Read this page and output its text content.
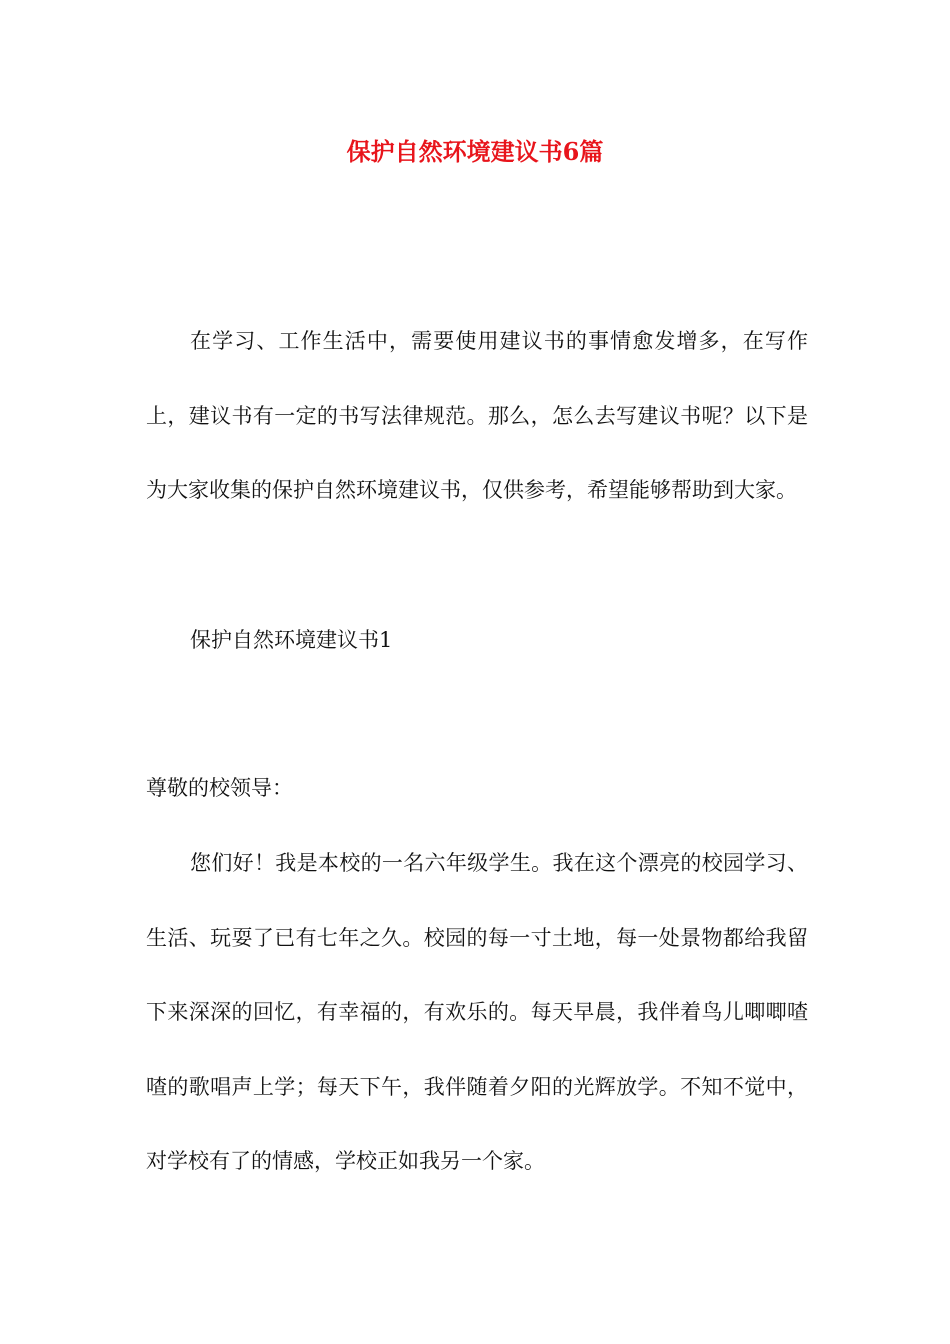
保护自然环境建议书6篇

在学习、工作生活中，需要使用建议书的事情愈发增多，在写作上，建议书有一定的书写法律规范。那么，怎么去写建议书呢？以下是为大家收集的保护自然环境建议书，仅供参考，希望能够帮助到大家。

保护自然环境建议书1

尊敬的校领导：

您们好！我是本校的一名六年级学生。我在这个漂亮的校园学习、生活、玩耍了已有七年之久。校园的每一寸土地，每一处景物都给我留下来深深的回忆，有幸福的，有欢乐的。每天早晨，我伴着鸟儿唧唧喳喳的歌唱声上学；每天下午，我伴随着夕阳的光辉放学。不知不觉中，对学校有了的情感，学校正如我另一个家。
